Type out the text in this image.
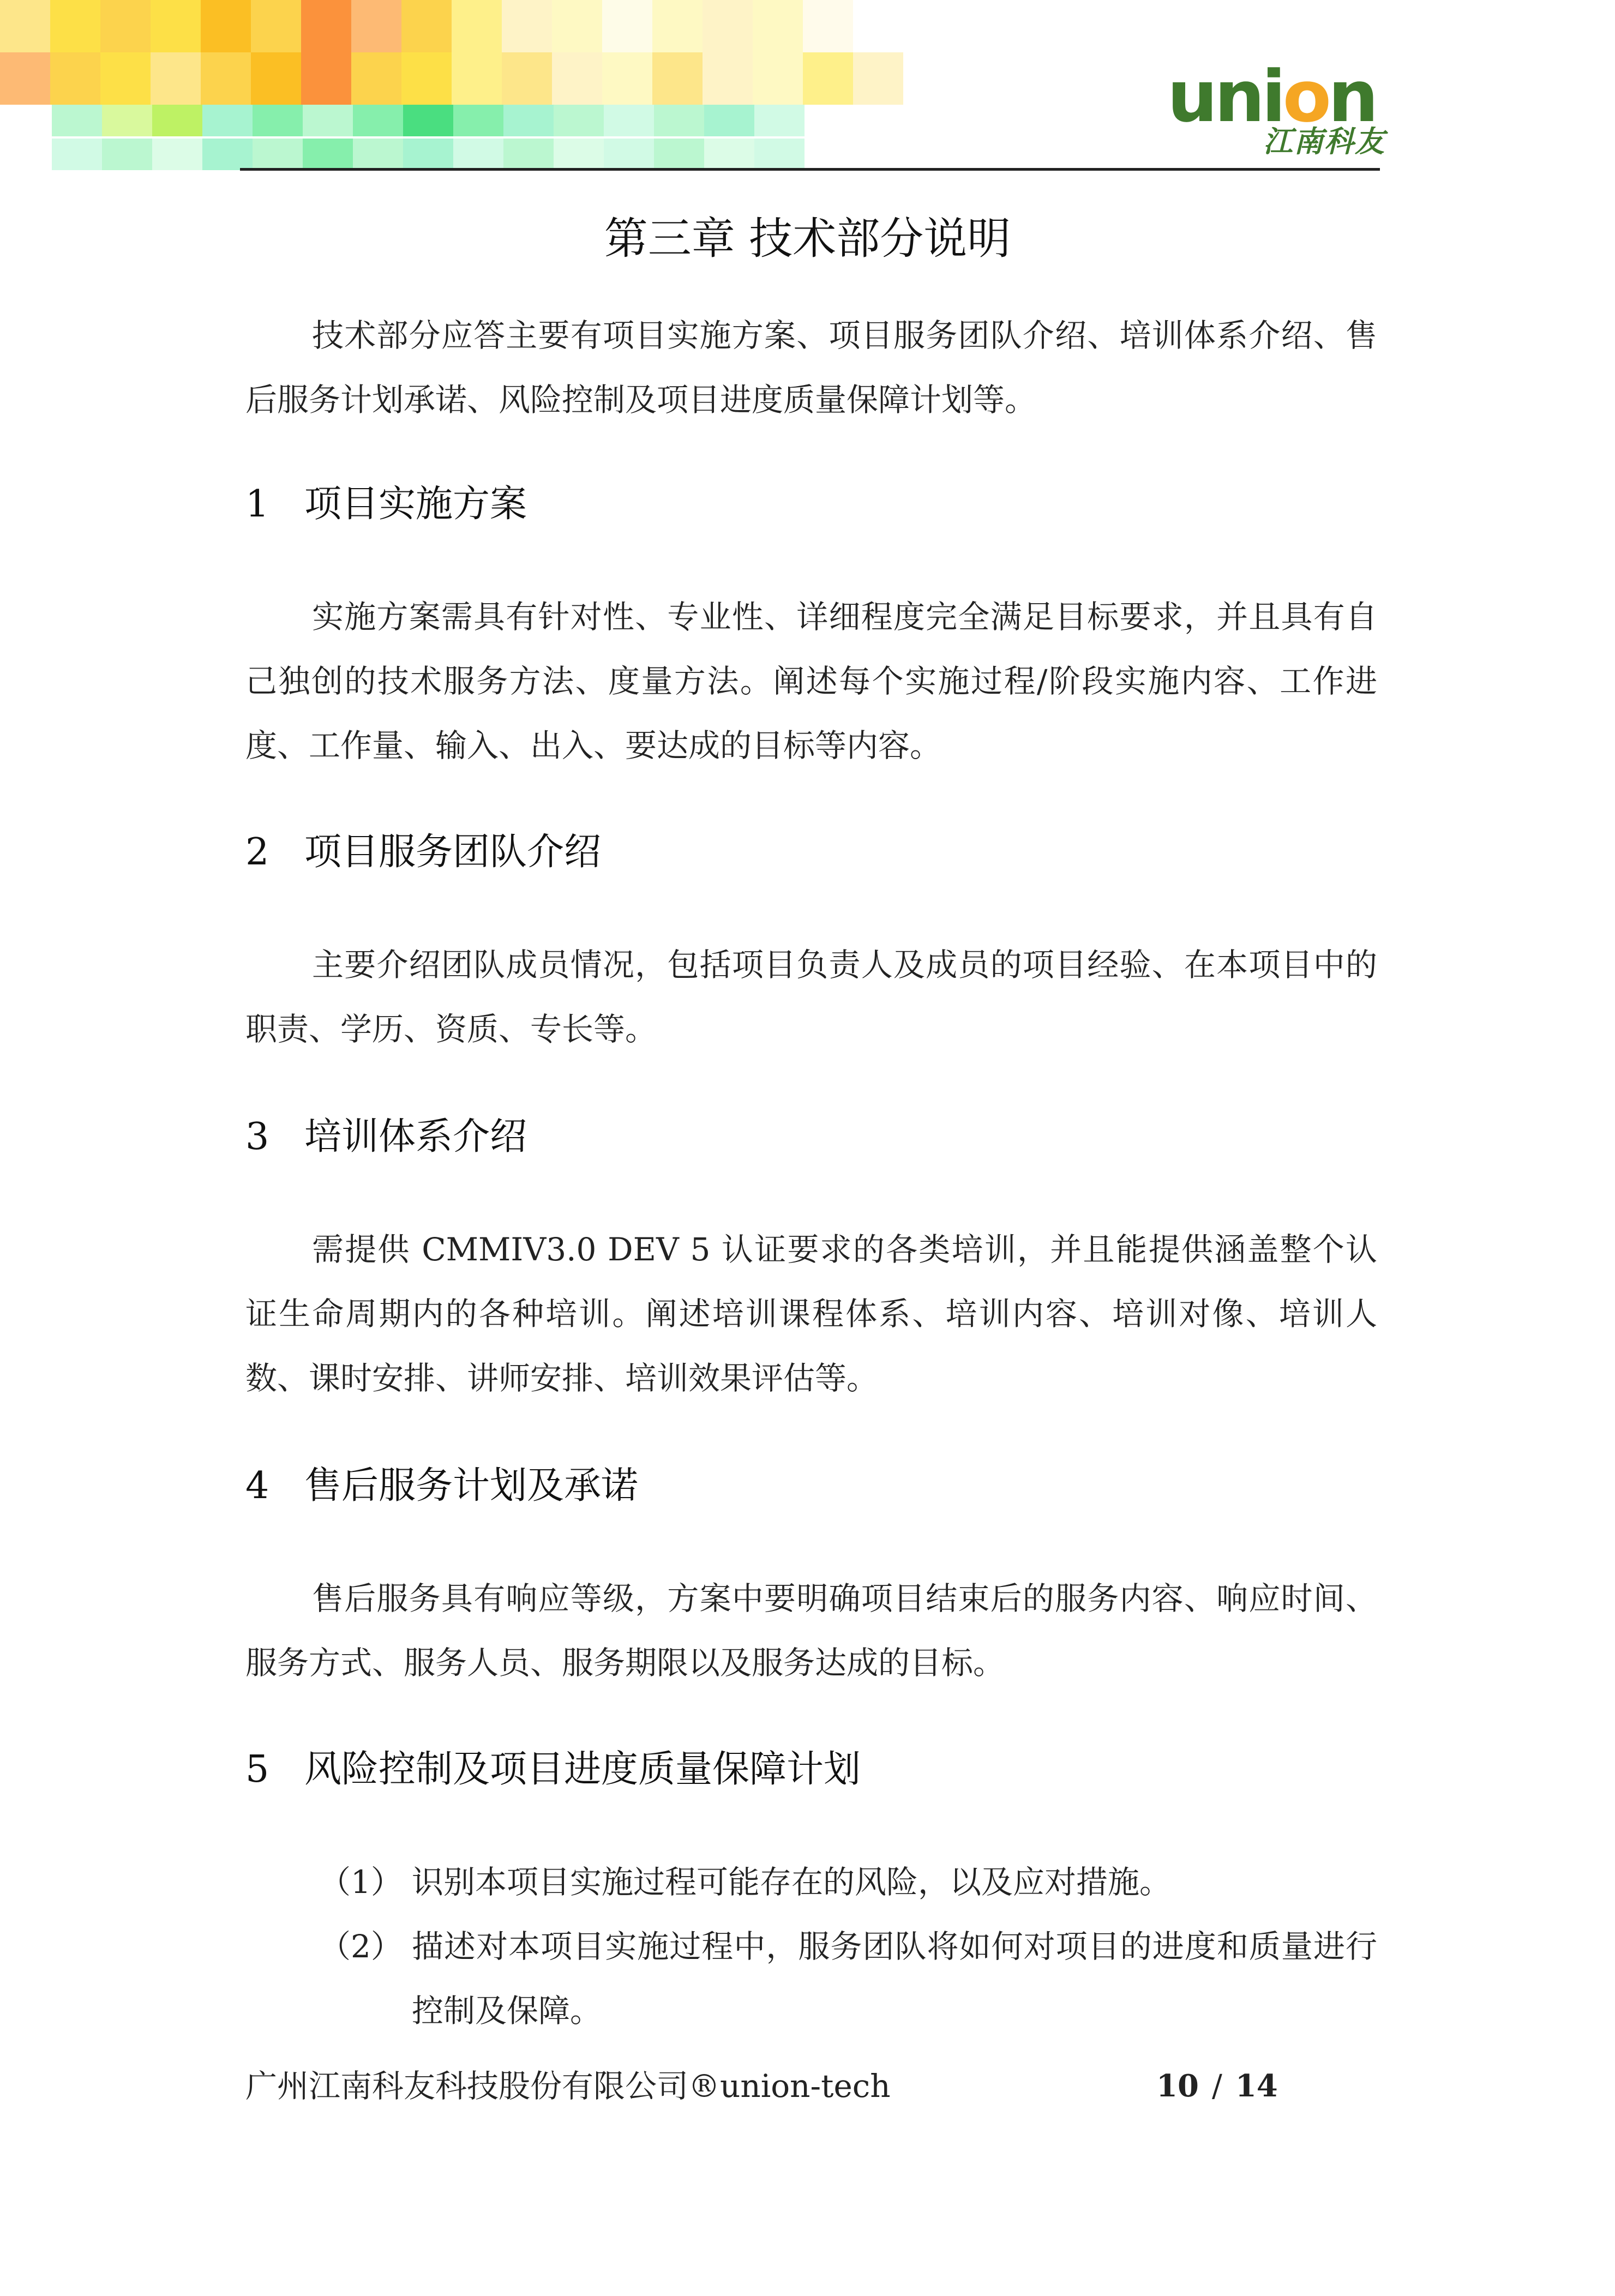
union
江南科友
第三章 技术部分说明

技术部分应答主要有项目实施方案、项目服务团队介绍、培训体系介绍、售后服务计划承诺、风险控制及项目进度质量保障计划等。

1 项目实施方案

实施方案需具有针对性、专业性、详细程度完全满足目标要求，并且具有自己独创的技术服务方法、度量方法。阐述每个实施过程/阶段实施内容、工作进度、工作量、输入、出入、要达成的目标等内容。

2 项目服务团队介绍

主要介绍团队成员情况，包括项目负责人及成员的项目经验、在本项目中的职责、学历、资质、专长等。

3 培训体系介绍

需提供 CMMIV3.0 DEV 5 认证要求的各类培训，并且能提供涵盖整个认证生命周期内的各种培训。阐述培训课程体系、培训内容、培训对像、培训人数、课时安排、讲师安排、培训效果评估等。

4 售后服务计划及承诺

售后服务具有响应等级，方案中要明确项目结束后的服务内容、响应时间、服务方式、服务人员、服务期限以及服务达成的目标。

5 风险控制及项目进度质量保障计划
（1） 识别本项目实施过程可能存在的风险，以及应对措施。
（2） 描述对本项目实施过程中，服务团队将如何对项目的进度和质量进行控制及保障。
广州江南科友科技股份有限公司®union-tech	10 / 14
